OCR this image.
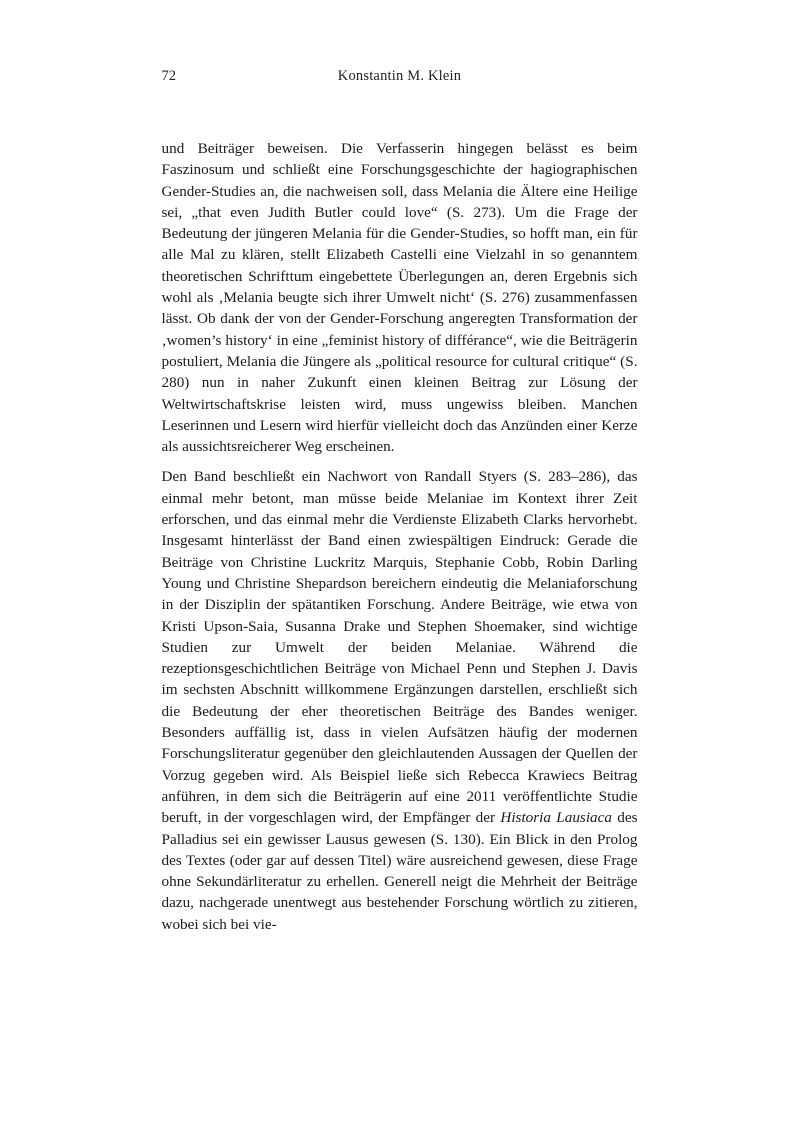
72	Konstantin M. Klein

und Beiträger beweisen. Die Verfasserin hingegen belässt es beim Faszinosum und schließt eine Forschungsgeschichte der hagiographischen Gender-Studies an, die nachweisen soll, dass Melania die Ältere eine Heilige sei, „that even Judith Butler could love“ (S. 273). Um die Frage der Bedeutung der jüngeren Melania für die Gender-Studies, so hofft man, ein für alle Mal zu klären, stellt Elizabeth Castelli eine Vielzahl in so genanntem theoretischen Schrifttum eingebettete Überlegungen an, deren Ergebnis sich wohl als ‚Melania beugte sich ihrer Umwelt nicht‘ (S. 276) zusammenfassen lässt. Ob dank der von der Gender-Forschung angeregten Transformation der ‚women’s history‘ in eine „feminist history of différance“, wie die Beiträgerin postuliert, Melania die Jüngere als „political resource for cultural critique“ (S. 280) nun in naher Zukunft einen kleinen Beitrag zur Lösung der Weltwirtschaftskrise leisten wird, muss ungewiss bleiben. Manchen Leserinnen und Lesern wird hierfür vielleicht doch das Anzünden einer Kerze als aussichtsreicherer Weg erscheinen.

Den Band beschließt ein Nachwort von Randall Styers (S. 283–286), das einmal mehr betont, man müsse beide Melaniae im Kontext ihrer Zeit erforschen, und das einmal mehr die Verdienste Elizabeth Clarks hervorhebt. Insgesamt hinterlässt der Band einen zwiespältigen Eindruck: Gerade die Beiträge von Christine Luckritz Marquis, Stephanie Cobb, Robin Darling Young und Christine Shepardson bereichern eindeutig die Melaniaforschung in der Disziplin der spätantiken Forschung. Andere Beiträge, wie etwa von Kristi Upson-Saia, Susanna Drake und Stephen Shoemaker, sind wichtige Studien zur Umwelt der beiden Melaniae. Während die rezeptionsgeschichtlichen Beiträge von Michael Penn und Stephen J. Davis im sechsten Abschnitt willkommene Ergänzungen darstellen, erschließt sich die Bedeutung der eher theoretischen Beiträge des Bandes weniger. Besonders auffällig ist, dass in vielen Aufsätzen häufig der modernen Forschungsliteratur gegenüber den gleichlautenden Aussagen der Quellen der Vorzug gegeben wird. Als Beispiel ließe sich Rebecca Krawiecs Beitrag anführen, in dem sich die Beiträgerin auf eine 2011 veröffentlichte Studie beruft, in der vorgeschlagen wird, der Empfänger der Historia Lausiaca des Palladius sei ein gewisser Lausus gewesen (S. 130). Ein Blick in den Prolog des Textes (oder gar auf dessen Titel) wäre ausreichend gewesen, diese Frage ohne Sekundärliteratur zu erhellen. Generell neigt die Mehrheit der Beiträge dazu, nachgerade unentwegt aus bestehender Forschung wörtlich zu zitieren, wobei sich bei vie-
